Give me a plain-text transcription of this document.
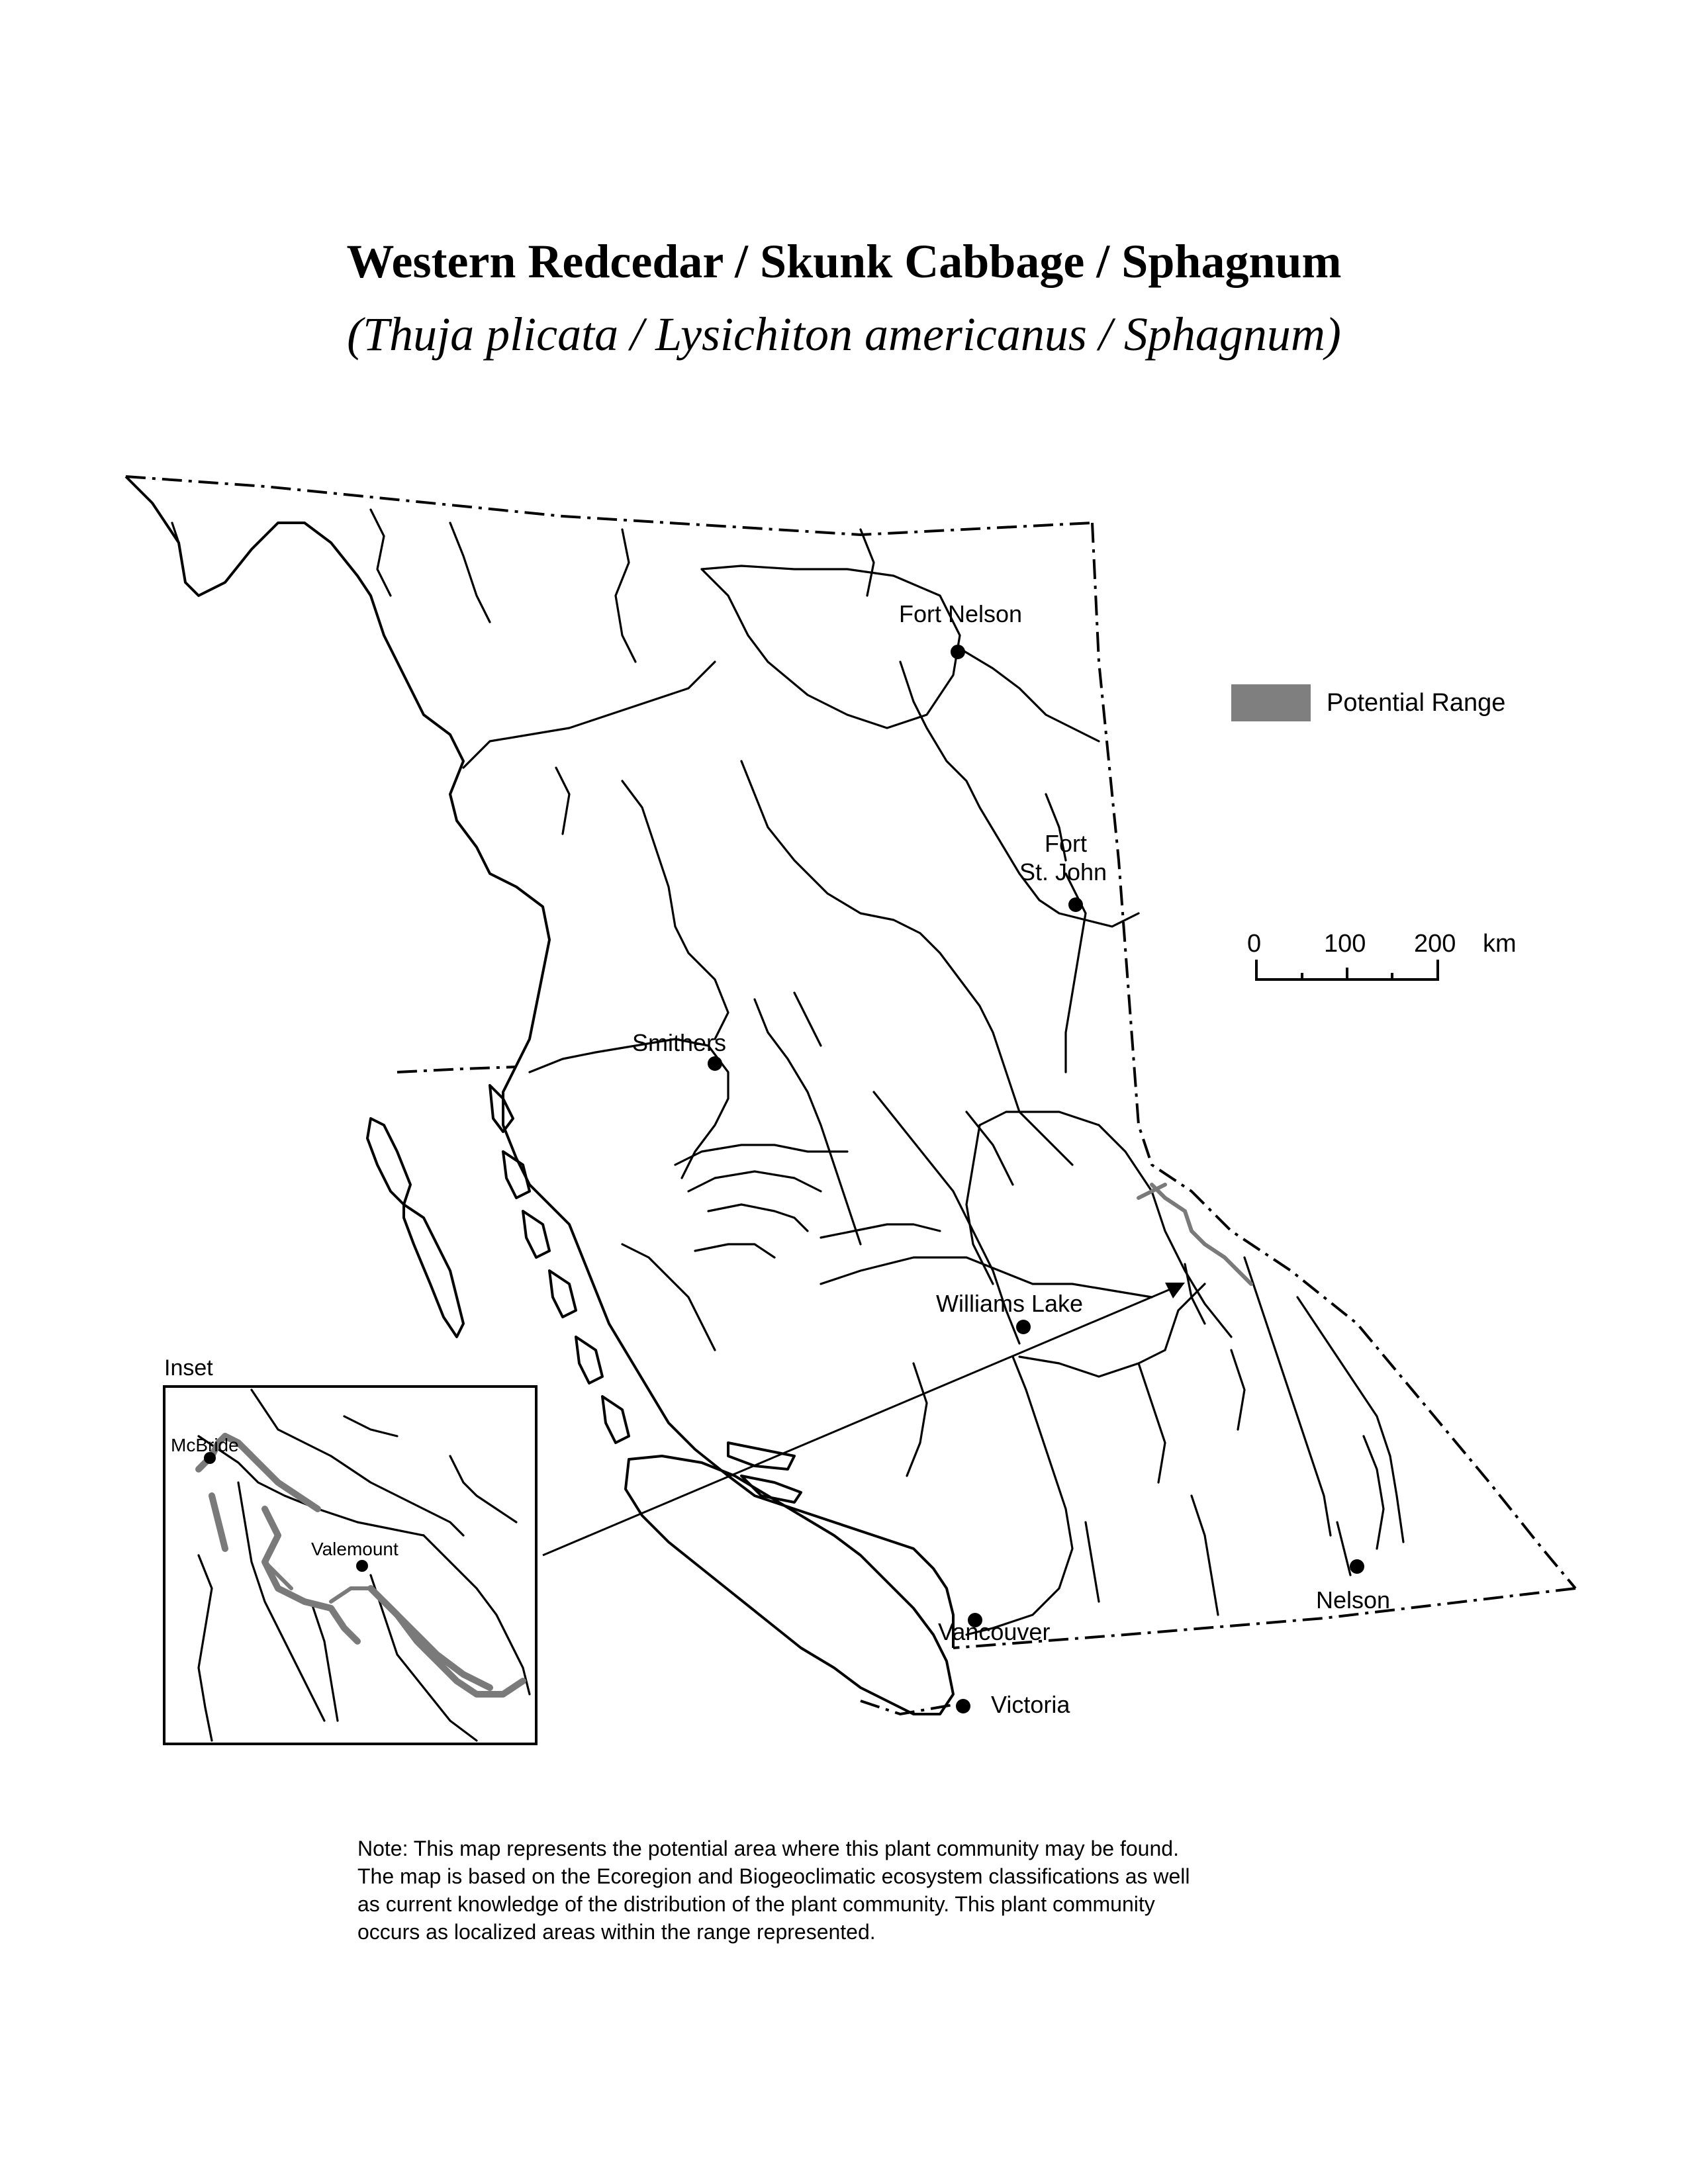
Western Redcedar / Skunk Cabbage / Sphagnum
(Thuja plicata / Lysichiton americanus / Sphagnum)
McBride
Valemount
Fort Nelson
Fort
St. John
Smithers
Williams Lake
Vancouver
Victoria
Nelson
Potential Range
0 100 200 km
Inset

Note: This map represents the potential area where this plant community may be found.

The map is based on the Ecoregion and Biogeoclimatic ecosystem classifications as well

as current knowledge of the distribution of the plant community. This plant community

occurs as localized areas within the range represented.
